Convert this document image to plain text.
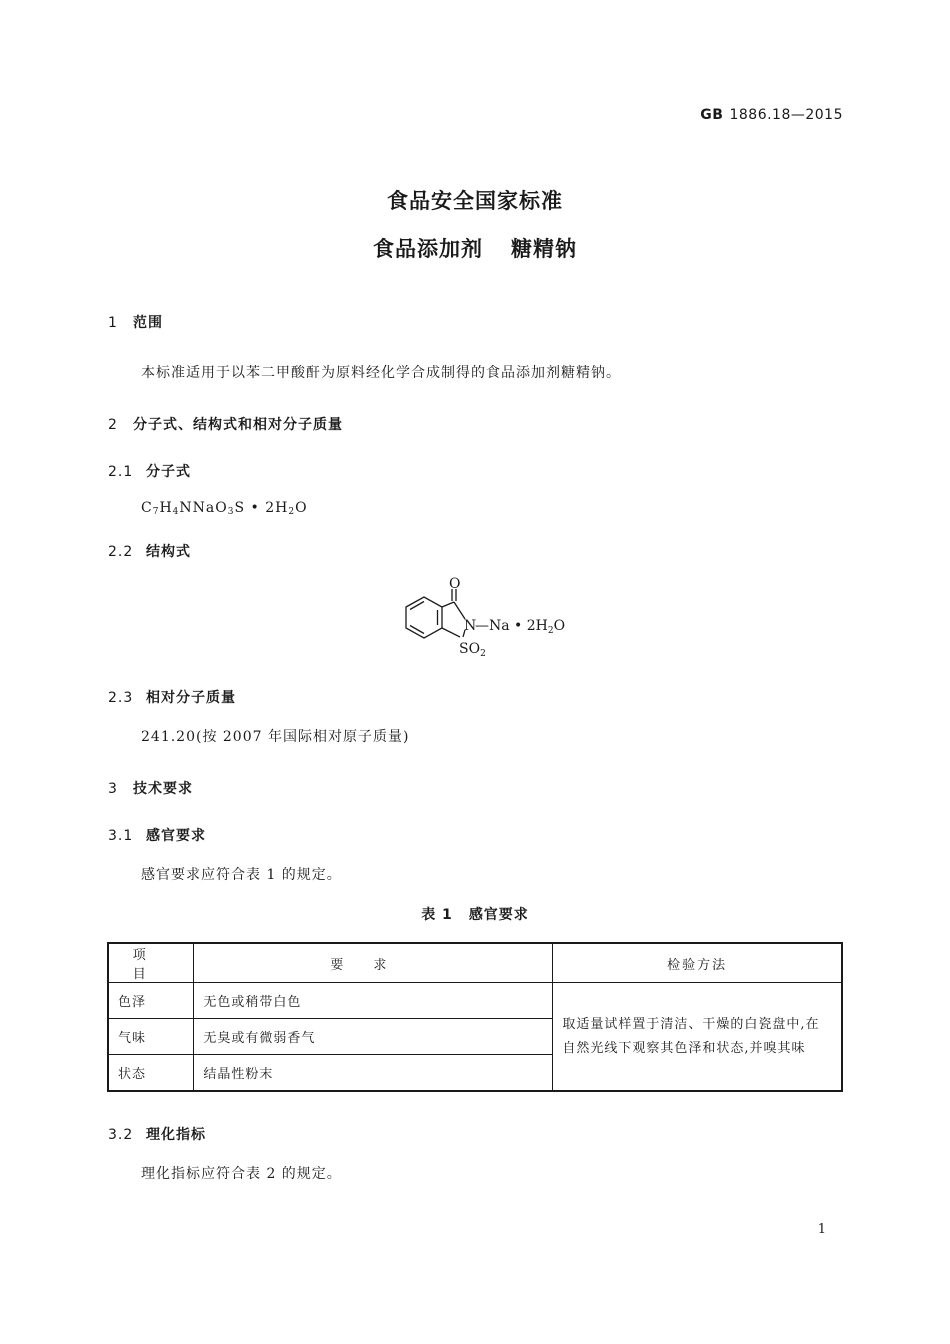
GB 1886.18—2015
食品安全国家标准
食品添加剂 糖精钠
1 范围
本标准适用于以苯二甲酸酐为原料经化学合成制得的食品添加剂糖精钠。
2 分子式、结构式和相对分子质量
2.1 分子式
$C_7H_4NNaO_3S$ • $2H_2O$
2.2 结构式
O
N
—Na • $2H_2O$
$SO_2$
2.3 相对分子质量
241.20(按 2007 年国际相对原子质量)
3 技术要求
3.1 感官要求
感官要求应符合表 1 的规定。
表 1 感官要求
项目	要求	检验方法
色泽	无色或稍带白色	取适量试样置于清洁、干燥的白瓷盘中,在自然光线下观察其色泽和状态,并嗅其味
气味	无臭或有微弱香气	
状态	结晶性粉末	
3.2 理化指标
理化指标应符合表 2 的规定。
1
